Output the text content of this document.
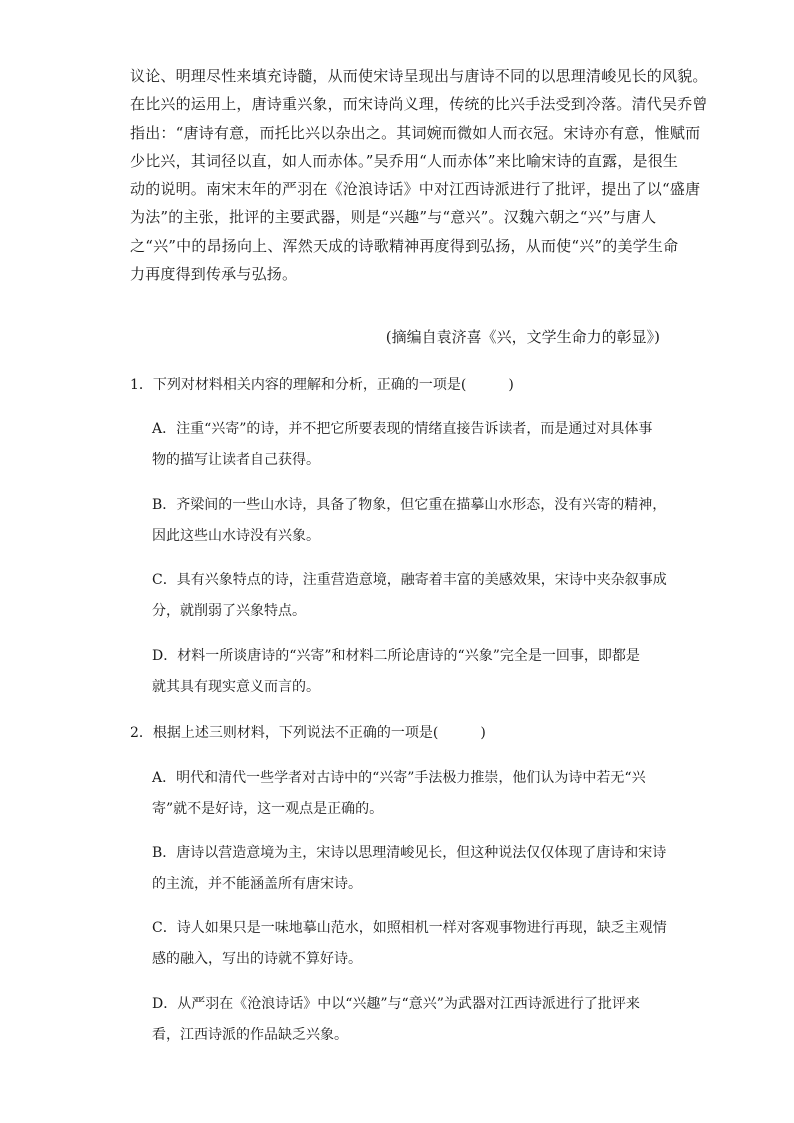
议论、明理尽性来填充诗髓，从而使宋诗呈现出与唐诗不同的以思理清峻见长的风貌。
在比兴的运用上，唐诗重兴象，而宋诗尚义理，传统的比兴手法受到冷落。清代吴乔曾
指出：“唐诗有意，而托比兴以杂出之。其词婉而微如人而衣冠。宋诗亦有意，惟赋而
少比兴，其词径以直，如人而赤体。”吴乔用“人而赤体”来比喻宋诗的直露，是很生
动的说明。南宋末年的严羽在《沧浪诗话》中对江西诗派进行了批评，提出了以“盛唐
为法”的主张，批评的主要武器，则是“兴趣”与“意兴”。汉魏六朝之“兴”与唐人
之“兴”中的昂扬向上、浑然天成的诗歌精神再度得到弘扬，从而使“兴”的美学生命
力再度得到传承与弘扬。
(摘编自袁济喜《兴，文学生命力的彰显》)
1．下列对材料相关内容的理解和分析，正确的一项是(　　　)
A．注重“兴寄”的诗，并不把它所要表现的情绪直接告诉读者，而是通过对具体事
物的描写让读者自己获得。
B．齐梁间的一些山水诗，具备了物象，但它重在描摹山水形态，没有兴寄的精神，
因此这些山水诗没有兴象。
C．具有兴象特点的诗，注重营造意境，融寄着丰富的美感效果，宋诗中夹杂叙事成
分，就削弱了兴象特点。
D．材料一所谈唐诗的“兴寄”和材料二所论唐诗的“兴象”完全是一回事，即都是
就其具有现实意义而言的。
2．根据上述三则材料，下列说法不正确的一项是(　　　)
A．明代和清代一些学者对古诗中的“兴寄”手法极力推崇，他们认为诗中若无“兴
寄”就不是好诗，这一观点是正确的。
B．唐诗以营造意境为主，宋诗以思理清峻见长，但这种说法仅仅体现了唐诗和宋诗
的主流，并不能涵盖所有唐宋诗。
C．诗人如果只是一味地摹山范水，如照相机一样对客观事物进行再现，缺乏主观情
感的融入，写出的诗就不算好诗。
D．从严羽在《沧浪诗话》中以“兴趣”与“意兴”为武器对江西诗派进行了批评来
看，江西诗派的作品缺乏兴象。
